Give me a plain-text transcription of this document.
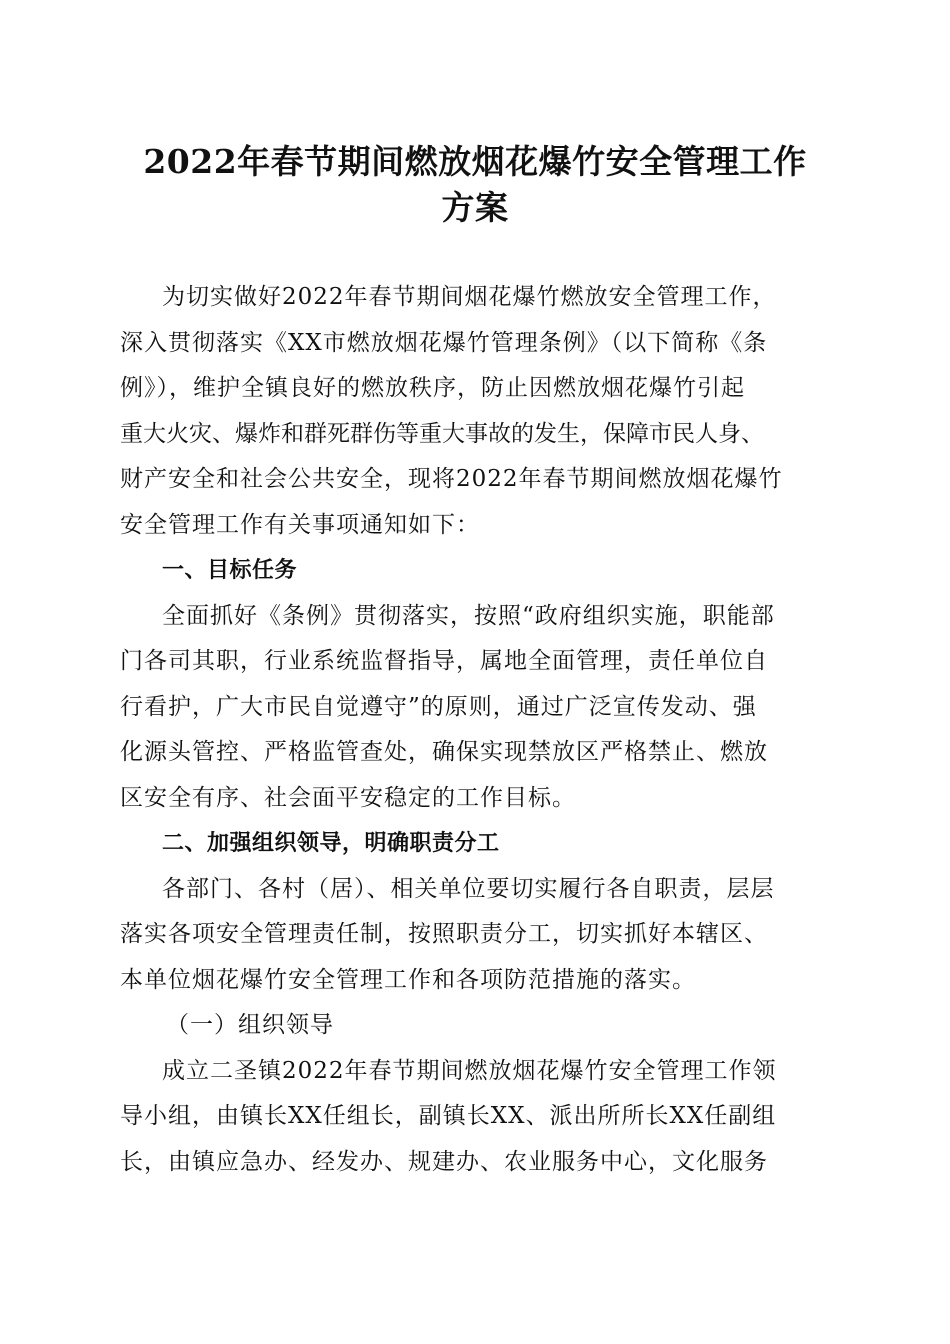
2022年春节期间燃放烟花爆竹安全管理工作
方案

为切实做好2022年春节期间烟花爆竹燃放安全管理工作，

深入贯彻落实《XX市燃放烟花爆竹管理条例》（以下简称《条

例》），维护全镇良好的燃放秩序，防止因燃放烟花爆竹引起

重大火灾、爆炸和群死群伤等重大事故的发生，保障市民人身、

财产安全和社会公共安全，现将2022年春节期间燃放烟花爆竹

安全管理工作有关事项通知如下：

一、目标任务

全面抓好《条例》贯彻落实，按照“政府组织实施，职能部

门各司其职，行业系统监督指导，属地全面管理，责任单位自

行看护，广大市民自觉遵守”的原则，通过广泛宣传发动、强

化源头管控、严格监管查处，确保实现禁放区严格禁止、燃放

区安全有序、社会面平安稳定的工作目标。

二、加强组织领导，明确职责分工

各部门、各村（居）、相关单位要切实履行各自职责，层层

落实各项安全管理责任制，按照职责分工，切实抓好本辖区、

本单位烟花爆竹安全管理工作和各项防范措施的落实。

（一）组织领导

成立二圣镇2022年春节期间燃放烟花爆竹安全管理工作领

导小组，由镇长XX任组长，副镇长XX、派出所所长XX任副组

长，由镇应急办、经发办、规建办、农业服务中心，文化服务
